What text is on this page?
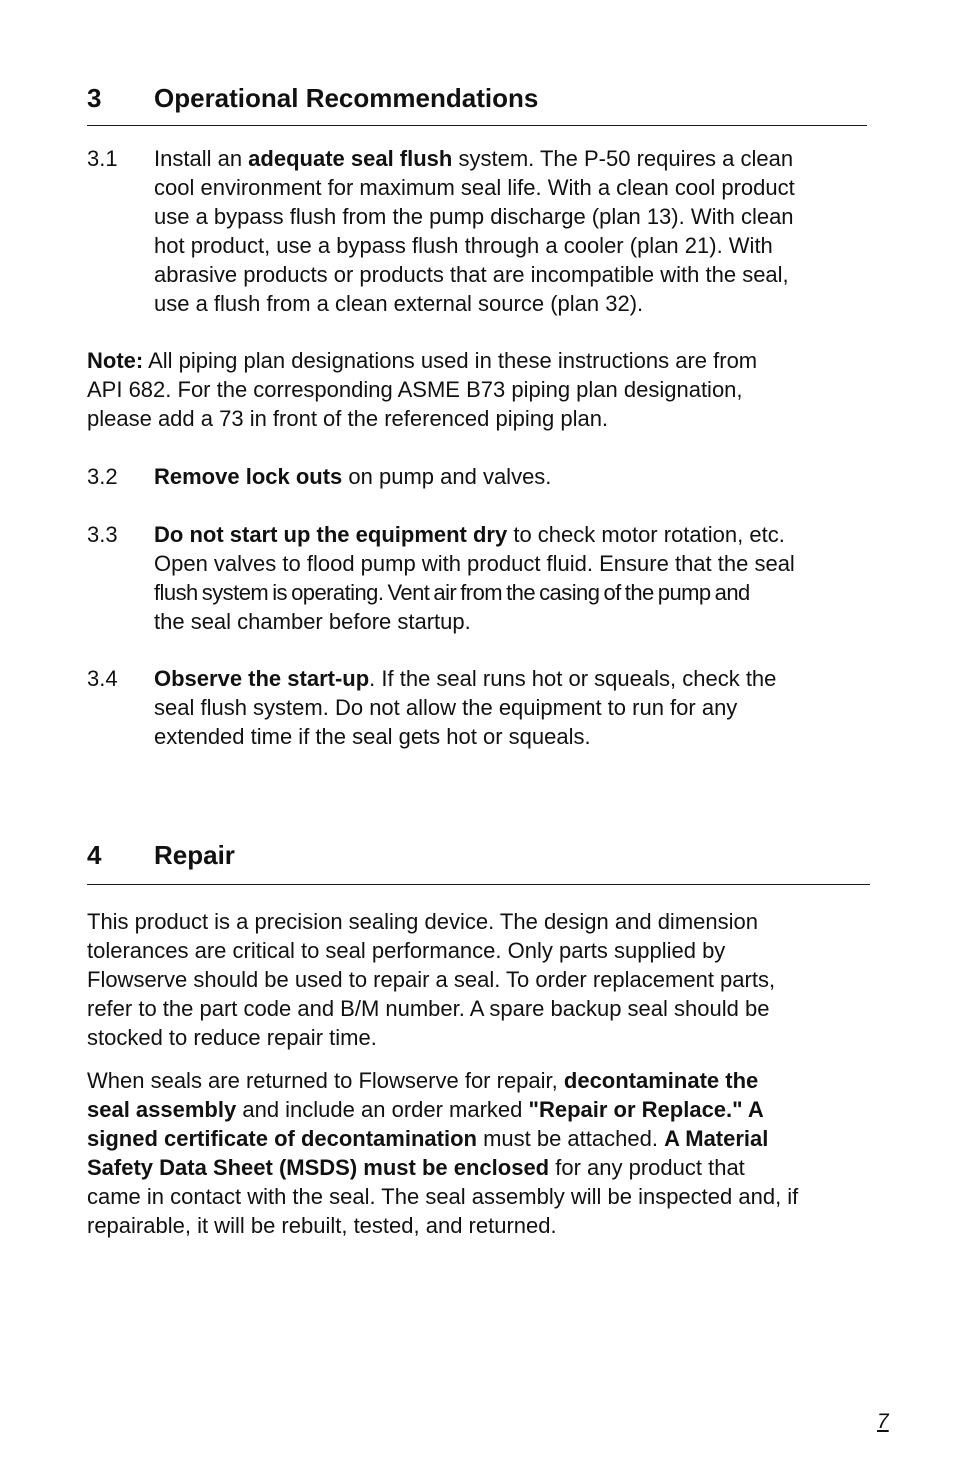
3 Operational Recommendations
3.1 Install an adequate seal flush system. The P-50 requires a clean
cool environment for maximum seal life. With a clean cool product
use a bypass flush from the pump discharge (plan 13). With clean
hot product, use a bypass flush through a cooler (plan 21). With
abrasive products or products that are incompatible with the seal,
use a flush from a clean external source (plan 32).
Note: All piping plan designations used in these instructions are from
API 682. For the corresponding ASME B73 piping plan designation,
please add a 73 in front of the referenced piping plan.
3.2 Remove lock outs on pump and valves.
3.3 Do not start up the equipment dry to check motor rotation, etc.
Open valves to flood pump with product fluid. Ensure that the seal
flush system is operating. Vent air from the casing of the pump and
the seal chamber before startup.
3.4 Observe the start-up. If the seal runs hot or squeals, check the
seal flush system. Do not allow the equipment to run for any
extended time if the seal gets hot or squeals.
4 Repair
This product is a precision sealing device. The design and dimension
tolerances are critical to seal performance. Only parts supplied by
Flowserve should be used to repair a seal. To order replacement parts,
refer to the part code and B/M number. A spare backup seal should be
stocked to reduce repair time.
When seals are returned to Flowserve for repair, decontaminate the
seal assembly and include an order marked "Repair or Replace." A
signed certificate of decontamination must be attached. A Material
Safety Data Sheet (MSDS) must be enclosed for any product that
came in contact with the seal. The seal assembly will be inspected and, if
repairable, it will be rebuilt, tested, and returned.
7
